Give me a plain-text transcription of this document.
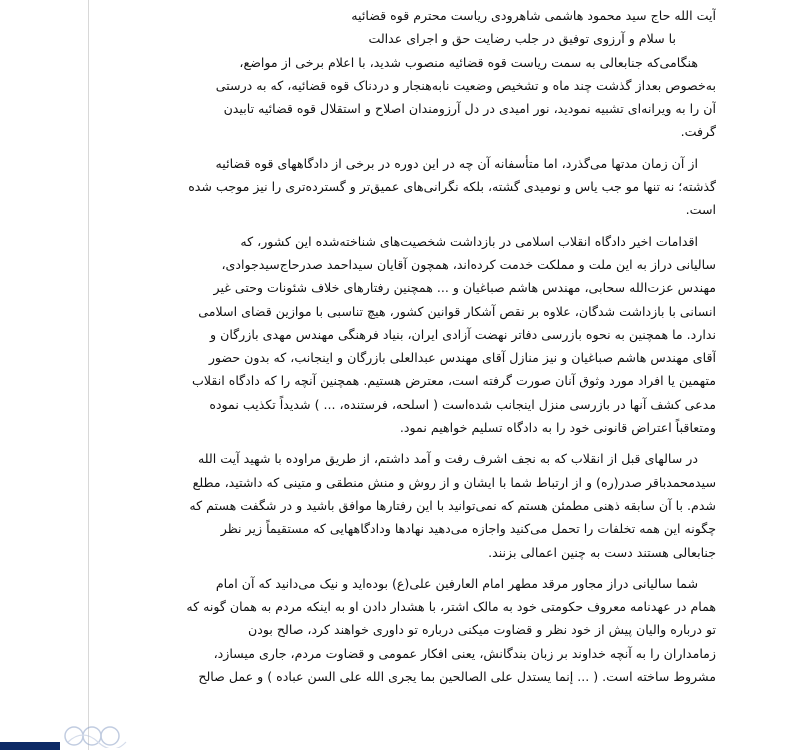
آیت الله حاج سید محمود هاشمی شاهرودی ریاست محترم قوه قضائیه
با سلام و آرزوی توفیق در جلب رضایت حق و اجرای عدالت
هنگامی‌که جنابعالی به سمت ریاست قوه قضائیه منصوب شدید، با اعلام برخی از مواضع،
به‌خصوص بعداز گذشت چند ماه و تشخیص وضعیت نابه‌هنجار و دردناک قوه قضائیه، که به درستی
آن را به ویرانه‌ای تشبیه نمودید، نور امیدی در دل آرزومندان اصلاح و استقلال قوه قضائیه تابیدن
گرفت.
از آن زمان مدتها می‌گذرد، اما متأسفانه آن چه در این دوره در برخی از دادگاههای قوه قضائیه
گذشته؛ نه تنها مو جب یاس و نومیدی گشته، بلکه نگرانی‌های عمیق‌تر و گسترده‌تری را نیز موجب شده
است.
اقدامات اخیر دادگاه انقلاب اسلامی در بازداشت شخصیت‌های شناخته‌شده این کشور، که
سالیانی دراز به این ملت و مملکت خدمت کرده‌اند، همچون آقایان سیداحمد صدرحاج‌سیدجوادی،
مهندس عزت‌الله سحابی، مهندس هاشم صباغیان و ... همچنین رفتارهای خلاف شئونات وحتی غیر
انسانی با بازداشت شدگان، علاوه بر نقص آشکار قوانین کشور، هیچ تناسبی با موازین قضای اسلامی
ندارد. ما همچنین به نحوه بازرسی دفاتر نهضت آزادی ایران، بنیاد فرهنگی مهندس مهدی بازرگان و
آقای مهندس هاشم صباغیان و نیز منازل آقای مهندس عبدالعلی بازرگان و اینجانب، که بدون حضور
متهمین یا افراد مورد وثوق آنان صورت گرفته است، معترض هستیم. همچنین آنچه را که دادگاه انقلاب
مدعی کشف آنها در بازرسی منزل اینجانب شده‌است ( اسلحه، فرستنده، ... ) شدیداً تکذیب نموده
ومتعاقباً اعتراض قانونی خود را به دادگاه تسلیم خواهیم نمود.
در سالهای قبل از انقلاب که به نجف اشرف رفت و آمد داشتم، از طریق مراوده با شهید آیت الله
سیدمحمدباقر صدر(ره) و از ارتباط شما با ایشان و از روش و منش منطقی و متینی که داشتید، مطلع
شدم. با آن سابقه ذهنی مطمئن هستم که نمی‌توانید با این رفتارها موافق باشید و در شگفت هستم که
چگونه این همه تخلفات را تحمل می‌کنید واجازه می‌دهید نهادها ودادگاههایی که مستقیماً زیر نظر
جنابعالی هستند دست به چنین اعمالی بزنند.
شما سالیانی دراز مجاور مرقد مطهر امام العارفین علی(ع) بوده‌اید و نیک می‌دانید که آن امام
همام در عهدنامه معروف حکومتی خود به مالک اشتر، با هشدار دادن او به اینکه مردم به همان گونه که
تو درباره والیان پیش از خود نظر و قضاوت میکنی درباره تو داوری خواهند کرد، صالح بودن
زمامداران را به آنچه خداوند بر زبان بندگانش، یعنی افکار عمومی و قضاوت مردم، جاری میسازد،
مشروط ساخته است. ( ... إنما یستدل علی الصالحین بما یجری الله علی السن عباده ) و عمل صالح
